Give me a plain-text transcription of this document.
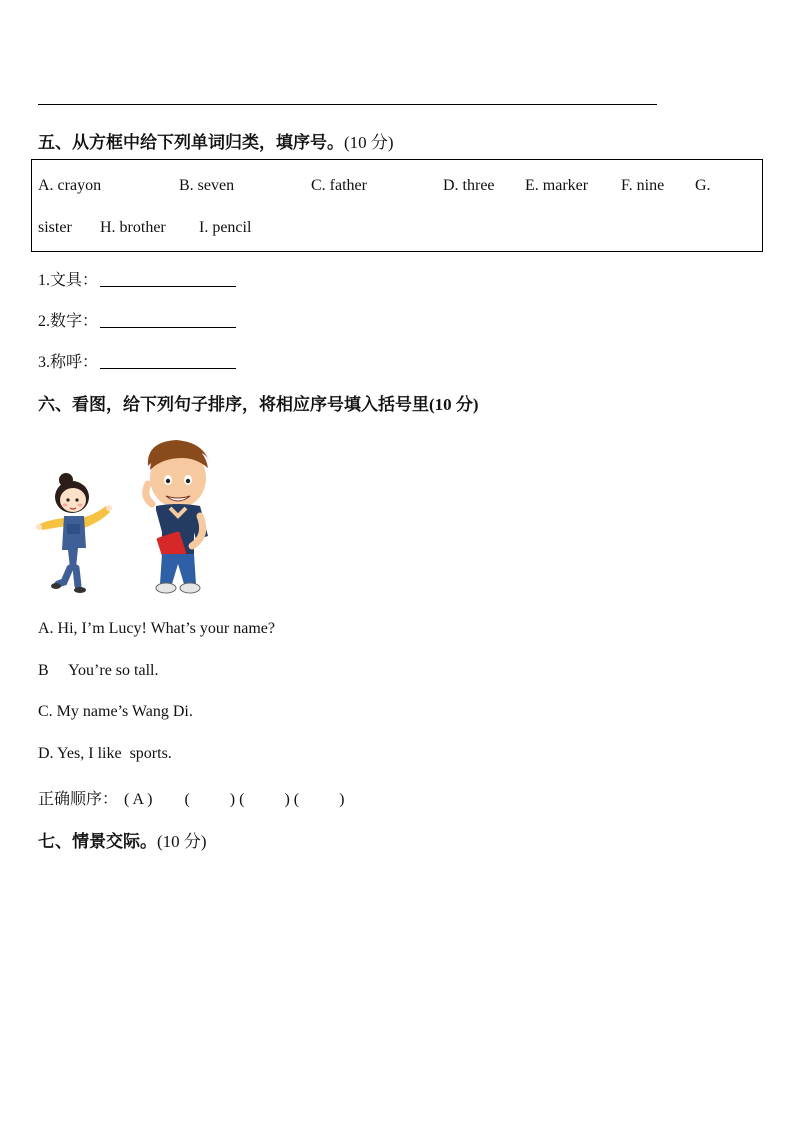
五、从方框中给下列单词归类，填序号。(10 分)
A. crayon	B. seven	C. father	D. three E. marker F. nine G.
sister H. brother I. pencil
1.文具：
2.数字：
3.称呼：
六、看图，给下列句子排序，将相应序号填入括号里(10 分)
A. Hi, I’m Lucy! What’s your name?
B     You’re so tall.
C. My name’s Wang Di.
D. Yes, I like  sports.
正确顺序： ( A ) (          ) (          ) (          )
七、情景交际。(10 分)
